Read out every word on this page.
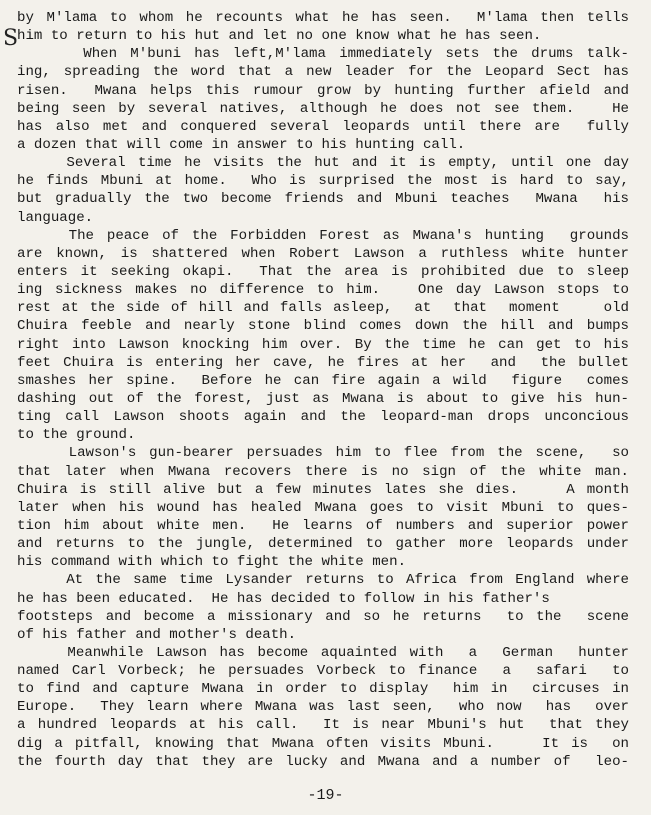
S
by M'lama to whom he recounts what he has seen.  M'lama then tells
him to return to his hut and let no one know what he has seen.
When M'buni has left,M'lama immediately sets the drums talk-
ing, spreading the word that a new leader for the Leopard Sect has
risen.  Mwana helps this rumour grow by hunting further afield and
being seen by several natives, although he does not see them.   He
has also met and conquered several leopards until there are  fully
a dozen that will come in answer to his hunting call.
Several time he visits the hut and it is empty, until one day
he finds Mbuni at home.  Who is surprised the most is hard to say,
but gradually the two become friends and Mbuni teaches  Mwana  his
language.
The peace of the Forbidden Forest as Mwana's hunting  grounds
are known, is shattered when Robert Lawson a ruthless white hunter
enters it seeking okapi.  That the area is prohibited due to sleep
ing sickness makes no difference to him.   One day Lawson stops to
rest at the side of hill and falls asleep,  at  that  moment    old
Chuira feeble and nearly stone blind comes down the hill and bumps
right into Lawson knocking him over. By the time he can get to his
feet Chuira is entering her cave, he fires at her  and  the bullet
smashes her spine.  Before he can fire again a wild  figure  comes
dashing out of the forest, just as Mwana is about to give his hun-
ting call Lawson shoots again and the leopard-man drops unconcious
to the ground.
Lawson's gun-bearer persuades him to flee from the scene,  so
that later when Mwana recovers there is no sign of the white man.
Chuira is still alive but a few minutes lates she dies.    A month
later when his wound has healed Mwana goes to visit Mbuni to ques-
tion him about white men.  He learns of numbers and superior power
and returns to the jungle, determined to gather more leopards under
his command with which to fight the white men.
At the same time Lysander returns to Africa from England where
he has been educated.  He has decided to follow in his father's
footsteps and become a missionary and so he returns  to the  scene
of his father and mother's death.
Meanwhile Lawson has become aquainted with  a  German  hunter
named Carl Vorbeck; he persuades Vorbeck to finance  a  safari  to
to find and capture Mwana in order to display  him in  circuses in
Europe.  They learn where Mwana was last seen,  who now  has  over
a hundred leopards at his call.  It is near Mbuni's hut  that they
dig a pitfall, knowing that Mwana often visits Mbuni.    It is  on
the fourth day that they are lucky and Mwana and a number of  leo-
-19-
